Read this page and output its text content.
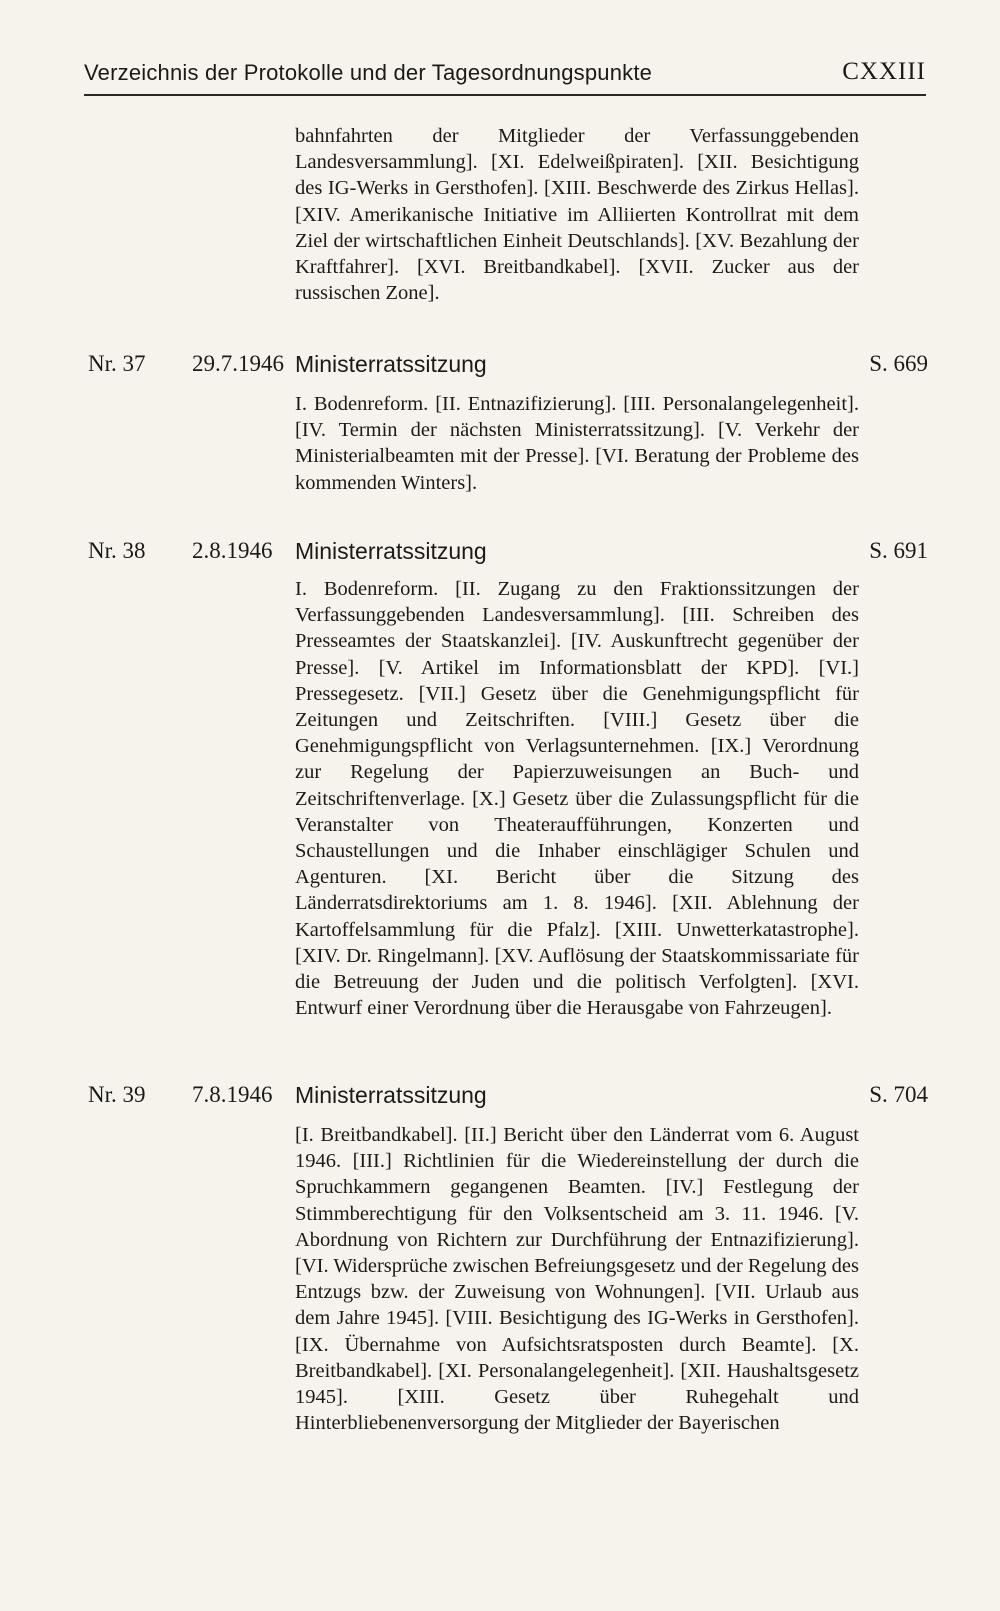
Verzeichnis der Protokolle und der Tagesordnungspunkte	CXXIII
bahnfahrten der Mitglieder der Verfassunggebenden Landesversammlung]. [XI. Edelweißpiraten]. [XII. Besichtigung des IG-Werks in Gersthofen]. [XIII. Beschwerde des Zirkus Hellas]. [XIV. Amerikanische Initiative im Alliierten Kontrollrat mit dem Ziel der wirtschaftlichen Einheit Deutschlands]. [XV. Bezahlung der Kraftfahrer]. [XVI. Breitbandkabel]. [XVII. Zucker aus der russischen Zone].
Nr. 37 29.7.1946 Ministerratssitzung	S. 669
I. Bodenreform. [II. Entnazifizierung]. [III. Personalangelegenheit]. [IV. Termin der nächsten Ministerratssitzung]. [V. Verkehr der Ministerialbeamten mit der Presse]. [VI. Beratung der Probleme des kommenden Winters].
Nr. 38 2.8.1946 Ministerratssitzung	S. 691
I. Bodenreform. [II. Zugang zu den Fraktionssitzungen der Verfassunggebenden Landesversammlung]. [III. Schreiben des Presseamtes der Staatskanzlei]. [IV. Auskunftrecht gegenüber der Presse]. [V. Artikel im Informationsblatt der KPD]. [VI.] Pressegesetz. [VII.] Gesetz über die Genehmigungspflicht für Zeitungen und Zeitschriften. [VIII.] Gesetz über die Genehmigungspflicht von Verlagsunternehmen. [IX.] Verordnung zur Regelung der Papierzuweisungen an Buch- und Zeitschriftenverlage. [X.] Gesetz über die Zulassungspflicht für die Veranstalter von Theateraufführungen, Konzerten und Schaustellungen und die Inhaber einschlägiger Schulen und Agenturen. [XI. Bericht über die Sitzung des Länderratsdirektoriums am 1. 8. 1946]. [XII. Ablehnung der Kartoffelsammlung für die Pfalz]. [XIII. Unwetterkatastrophe]. [XIV. Dr. Ringelmann]. [XV. Auflösung der Staatskommissariate für die Betreuung der Juden und die politisch Verfolgten]. [XVI. Entwurf einer Verordnung über die Herausgabe von Fahrzeugen].
Nr. 39 7.8.1946 Ministerratssitzung	S. 704
[I. Breitbandkabel]. [II.] Bericht über den Länderrat vom 6. August 1946. [III.] Richtlinien für die Wiedereinstellung der durch die Spruchkammern gegangenen Beamten. [IV.] Festlegung der Stimmberechtigung für den Volksentscheid am 3. 11. 1946. [V. Abordnung von Richtern zur Durchführung der Entnazifizierung]. [VI. Widersprüche zwischen Befreiungsgesetz und der Regelung des Entzugs bzw. der Zuweisung von Wohnungen]. [VII. Urlaub aus dem Jahre 1945]. [VIII. Besichtigung des IG-Werks in Gersthofen]. [IX. Übernahme von Aufsichtsratsposten durch Beamte]. [X. Breitbandkabel]. [XI. Personalangelegenheit]. [XII. Haushaltsgesetz 1945]. [XIII. Gesetz über Ruhegehalt und Hinterbliebenenversorgung der Mitglieder der Bayerischen
